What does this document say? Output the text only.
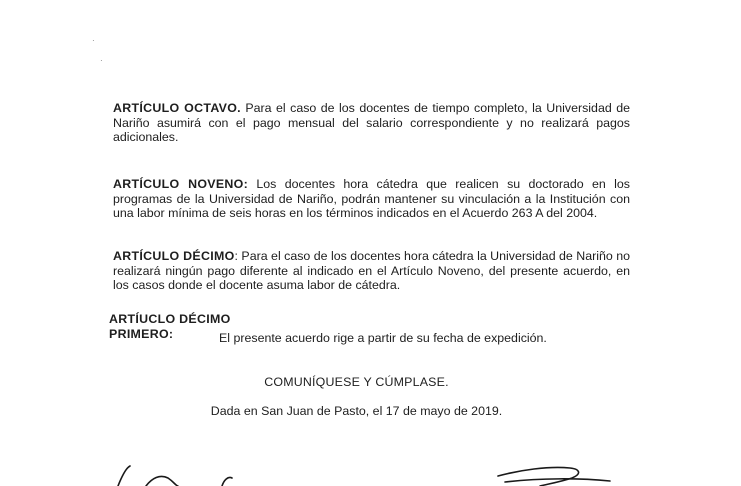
·
·

ARTÍCULO OCTAVO. Para el caso de los docentes de tiempo completo, la Universidad de Nariño asumirá con el pago mensual del salario correspondiente y no realizará pagos adicionales.

ARTÍCULO NOVENO: Los docentes hora cátedra que realicen su doctorado en los programas de la Universidad de Nariño, podrán mantener su vinculación a la Institución con una labor mínima de seis horas en los términos indicados en el Acuerdo 263 A del 2004.

ARTÍCULO DÉCIMO: Para el caso de los docentes hora cátedra la Universidad de Nariño no realizará ningún pago diferente al indicado en el Artículo Noveno, del presente acuerdo, en los casos donde el docente asuma labor de cátedra.

ARTÍUCLO DÉCIMO
PRIMERO:	El presente acuerdo rige a partir de su fecha de expedición.
COMUNÍQUESE Y CÚMPLASE.
Dada en San Juan de Pasto, el 17 de mayo de 2019.
